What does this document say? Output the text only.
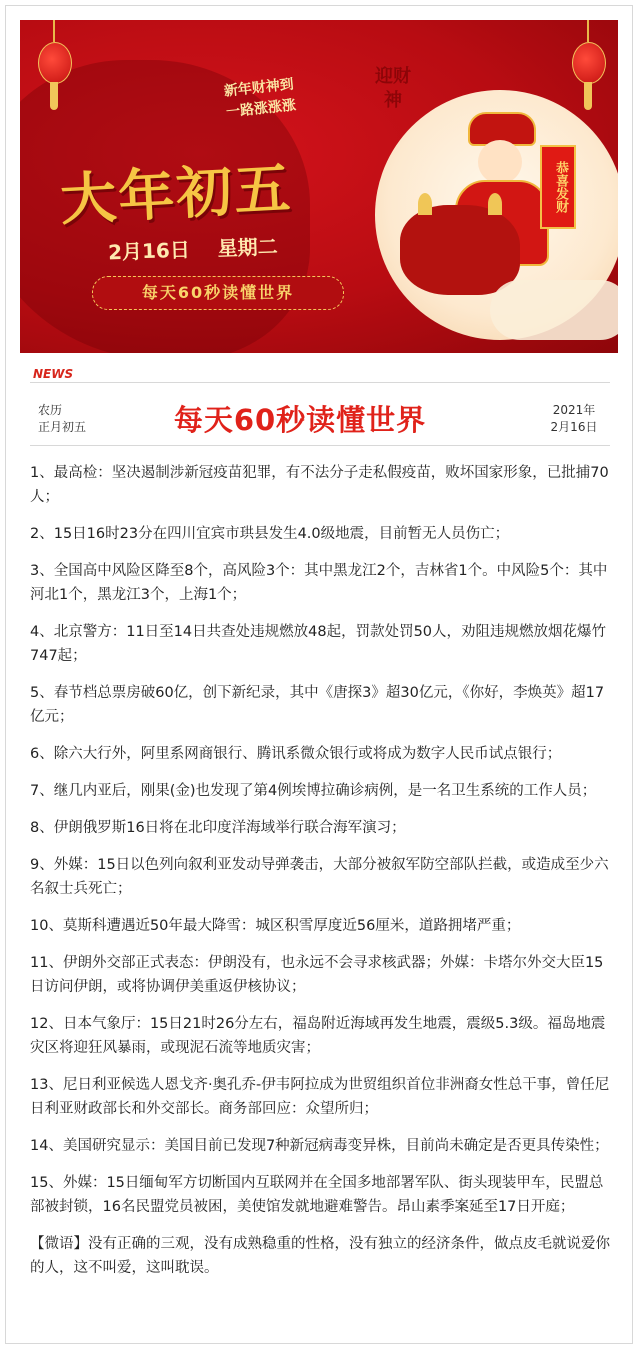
新年财神到
一路涨涨涨
大年初五
2月16日 星期二
每天60秒读懂世界
迎财神
恭喜发财
NEWS
农历
正月初五	每天60秒读懂世界	2021年
2月16日

1、最高检：坚决遏制涉新冠疫苗犯罪，有不法分子走私假疫苗，败坏国家形象，已批捕70人；

2、15日16时23分在四川宜宾市珙县发生4.0级地震，目前暂无人员伤亡；

3、全国高中风险区降至8个，高风险3个：其中黑龙江2个，吉林省1个。中风险5个：其中河北1个，黑龙江3个，上海1个；

4、北京警方：11日至14日共查处违规燃放48起，罚款处罚50人，劝阻违规燃放烟花爆竹747起；

5、春节档总票房破60亿，创下新纪录，其中《唐探3》超30亿元，《你好，李焕英》超17亿元；

6、除六大行外，阿里系网商银行、腾讯系微众银行或将成为数字人民币试点银行；

7、继几内亚后，刚果(金)也发现了第4例埃博拉确诊病例，是一名卫生系统的工作人员；

8、伊朗俄罗斯16日将在北印度洋海域举行联合海军演习；

9、外媒：15日以色列向叙利亚发动导弹袭击，大部分被叙军防空部队拦截，或造成至少六名叙士兵死亡；

10、莫斯科遭遇近50年最大降雪：城区积雪厚度近56厘米，道路拥堵严重；

11、伊朗外交部正式表态：伊朗没有，也永远不会寻求核武器；外媒：卡塔尔外交大臣15日访问伊朗，或将协调伊美重返伊核协议；

12、日本气象厅：15日21时26分左右，福岛附近海域再发生地震，震级5.3级。福岛地震灾区将迎狂风暴雨，或现泥石流等地质灾害；

13、尼日利亚候选人恩戈齐·奥孔乔-伊韦阿拉成为世贸组织首位非洲裔女性总干事，曾任尼日利亚财政部长和外交部长。商务部回应：众望所归；

14、美国研究显示：美国目前已发现7种新冠病毒变异株，目前尚未确定是否更具传染性；

15、外媒：15日缅甸军方切断国内互联网并在全国多地部署军队、街头现装甲车，民盟总部被封锁，16名民盟党员被困，美使馆发就地避难警告。昂山素季案延至17日开庭；

【微语】没有正确的三观，没有成熟稳重的性格，没有独立的经济条件，做点皮毛就说爱你的人，这不叫爱，这叫耽误。
